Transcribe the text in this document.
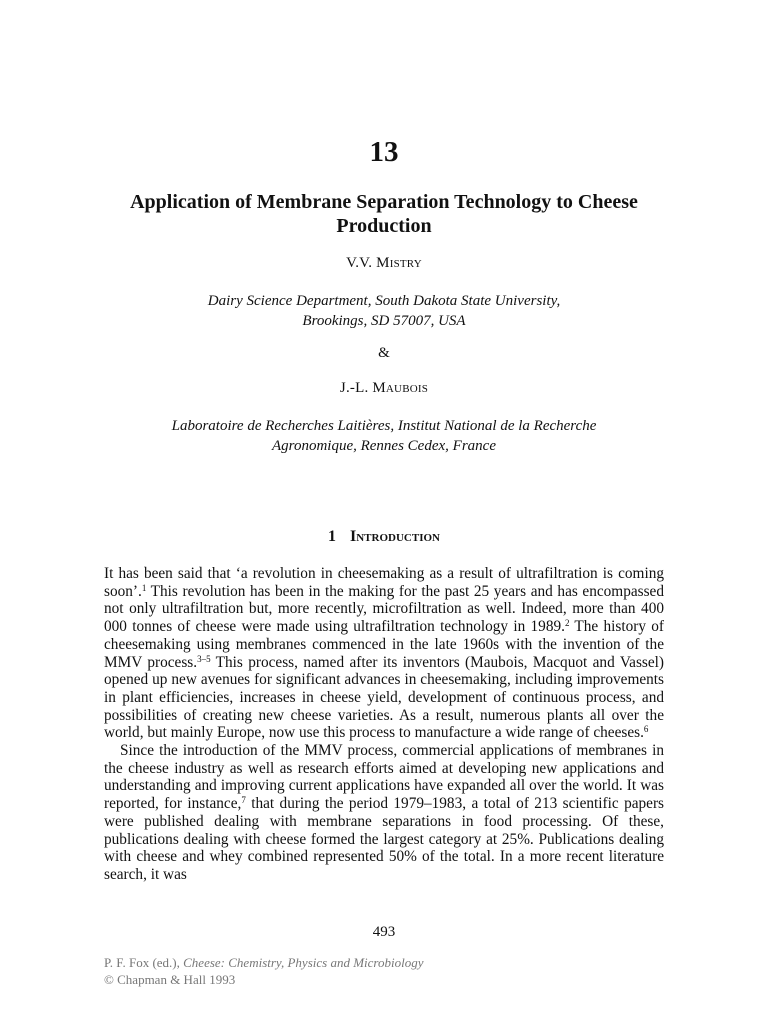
13
Application of Membrane Separation Technology to Cheese Production
V.V. Mistry
Dairy Science Department, South Dakota State University,
Brookings, SD 57007, USA
&
J.-L. Maubois
Laboratoire de Recherches Laitières, Institut National de la Recherche
Agronomique, Rennes Cedex, France
1 Introduction

It has been said that ‘a revolution in cheesemaking as a result of ultrafiltration is coming soon’.$^1$ This revolution has been in the making for the past 25 years and has encompassed not only ultrafiltration but, more recently, microfiltration as well. Indeed, more than 400 000 tonnes of cheese were made using ultrafiltration technology in 1989.$^2$ The history of cheesemaking using membranes commenced in the late 1960s with the invention of the MMV process.$^{3-5}$ This process, named after its inventors (Maubois, Macquot and Vassel) opened up new avenues for significant advances in cheesemaking, including improvements in plant efficiencies, increases in cheese yield, development of continuous process, and possibilities of creating new cheese varieties. As a result, numerous plants all over the world, but mainly Europe, now use this process to manufacture a wide range of cheeses.$^6$

Since the introduction of the MMV process, commercial applications of membranes in the cheese industry as well as research efforts aimed at developing new applications and understanding and improving current applications have expanded all over the world. It was reported, for instance,$^7$ that during the period 1979–1983, a total of 213 scientific papers were published dealing with membrane separations in food processing. Of these, publications dealing with cheese formed the largest category at 25%. Publications dealing with cheese and whey combined represented 50% of the total. In a more recent literature search, it was

493
P. F. Fox (ed.), Cheese: Chemistry, Physics and Microbiology
© Chapman & Hall 1993
